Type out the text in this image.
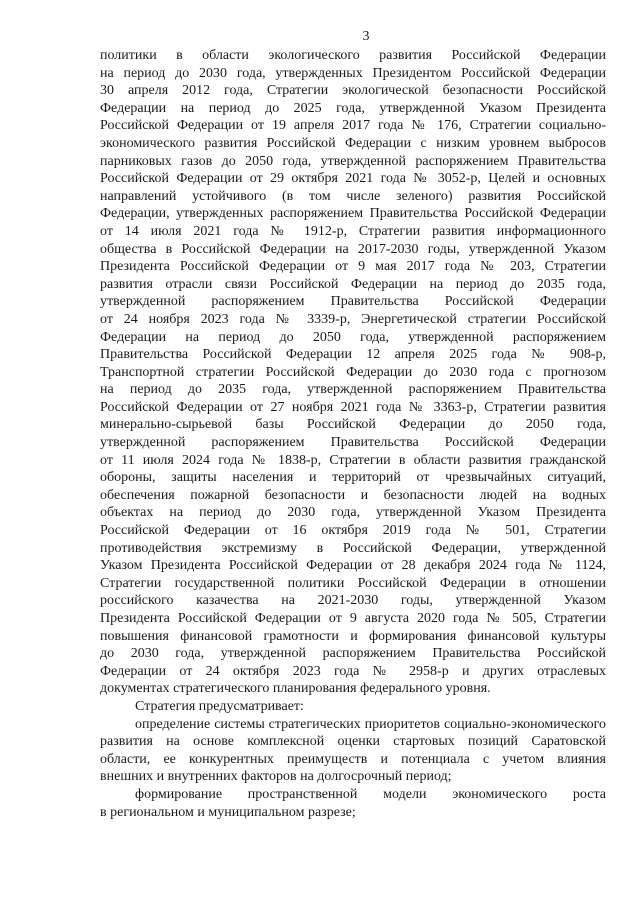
3
политики в области экологического развития Российской Федерации
на период до 2030 года, утвержденных Президентом Российской Федерации
30 апреля 2012 года, Стратегии экологической безопасности Российской
Федерации на период до 2025 года, утвержденной Указом Президента
Российской Федерации от 19 апреля 2017 года № 176, Стратегии социально-
экономического развития Российской Федерации с низким уровнем выбросов
парниковых газов до 2050 года, утвержденной распоряжением Правительства
Российской Федерации от 29 октября 2021 года № 3052-р, Целей и основных
направлений устойчивого (в том числе зеленого) развития Российской
Федерации, утвержденных распоряжением Правительства Российской Федерации
от 14 июля 2021 года № 1912-р, Стратегии развития информационного
общества в Российской Федерации на 2017-2030 годы, утвержденной Указом
Президента Российской Федерации от 9 мая 2017 года № 203, Стратегии
развития отрасли связи Российской Федерации на период до 2035 года,
утвержденной распоряжением Правительства Российской Федерации
от 24 ноября 2023 года № 3339-р, Энергетической стратегии Российской
Федерации на период до 2050 года, утвержденной распоряжением
Правительства Российской Федерации 12 апреля 2025 года № 908-р,
Транспортной стратегии Российской Федерации до 2030 года с прогнозом
на период до 2035 года, утвержденной распоряжением Правительства
Российской Федерации от 27 ноября 2021 года № 3363-р, Стратегии развития
минерально-сырьевой базы Российской Федерации до 2050 года,
утвержденной распоряжением Правительства Российской Федерации
от 11 июля 2024 года № 1838-р, Стратегии в области развития гражданской
обороны, защиты населения и территорий от чрезвычайных ситуаций,
обеспечения пожарной безопасности и безопасности людей на водных
объектах на период до 2030 года, утвержденной Указом Президента
Российской Федерации от 16 октября 2019 года № 501, Стратегии
противодействия экстремизму в Российской Федерации, утвержденной
Указом Президента Российской Федерации от 28 декабря 2024 года № 1124,
Стратегии государственной политики Российской Федерации в отношении
российского казачества на 2021-2030 годы, утвержденной Указом
Президента Российской Федерации от 9 августа 2020 года № 505, Стратегии
повышения финансовой грамотности и формирования финансовой культуры
до 2030 года, утвержденной распоряжением Правительства Российской
Федерации от 24 октября 2023 года № 2958-р и других отраслевых
документах стратегического планирования федерального уровня.
Стратегия предусматривает:
определение системы стратегических приоритетов социально-экономического
развития на основе комплексной оценки стартовых позиций Саратовской
области, ее конкурентных преимуществ и потенциала с учетом влияния
внешних и внутренних факторов на долгосрочный период;
формирование пространственной модели экономического роста
в региональном и муниципальном разрезе;
